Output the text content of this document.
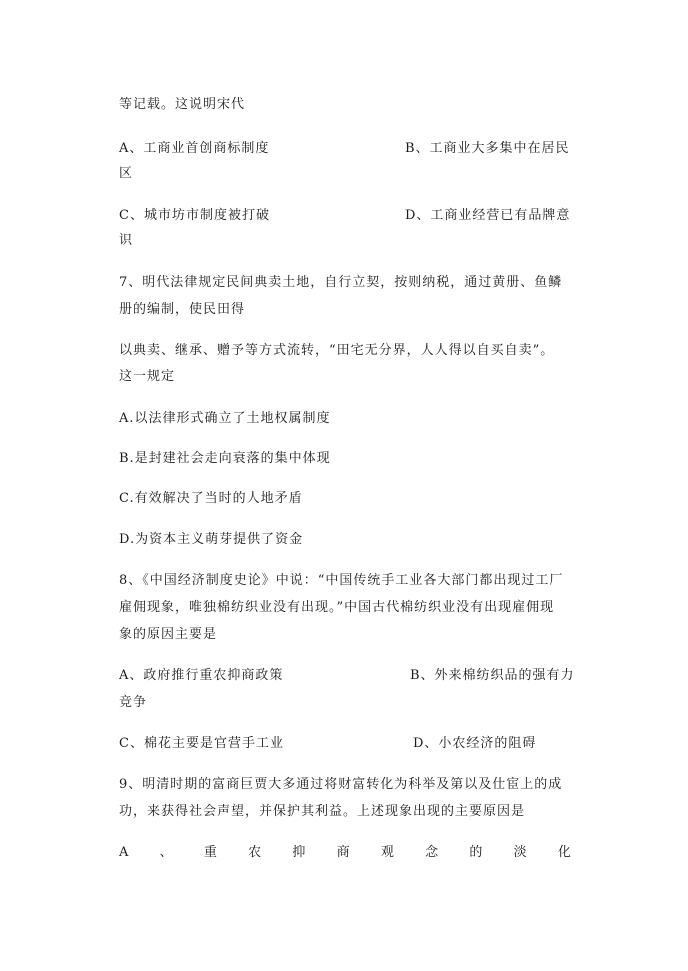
等记载。这说明宋代
A、工商业首创商标制度	B、工商业大多集中在居民
区
C、城市坊市制度被打破	D、工商业经营已有品牌意
识
7、明代法律规定民间典卖土地，自行立契，按则纳税，通过黄册、鱼鳞
册的编制，使民田得
以典卖、继承、赠予等方式流转，“田宅无分界，人人得以自买自卖”。
这一规定
A.以法律形式确立了土地权属制度
B.是封建社会走向衰落的集中体现
C.有效解决了当时的人地矛盾
D.为资本主义萌芽提供了资金
8、《中国经济制度史论》中说：“中国传统手工业各大部门都出现过工厂
雇佣现象，唯独棉纺织业没有出现。”中国古代棉纺织业没有出现雇佣现
象的原因主要是
A、政府推行重农抑商政策	B、外来棉纺织品的强有力
竞争
C、棉花主要是官营手工业	D、小农经济的阻碍
9、明清时期的富商巨贾大多通过将财富转化为科举及第以及仕宦上的成
功，来获得社会声望，并保护其利益。上述现象出现的主要原因是
A 、 重 农 抑 商 观 念 的 淡 化
